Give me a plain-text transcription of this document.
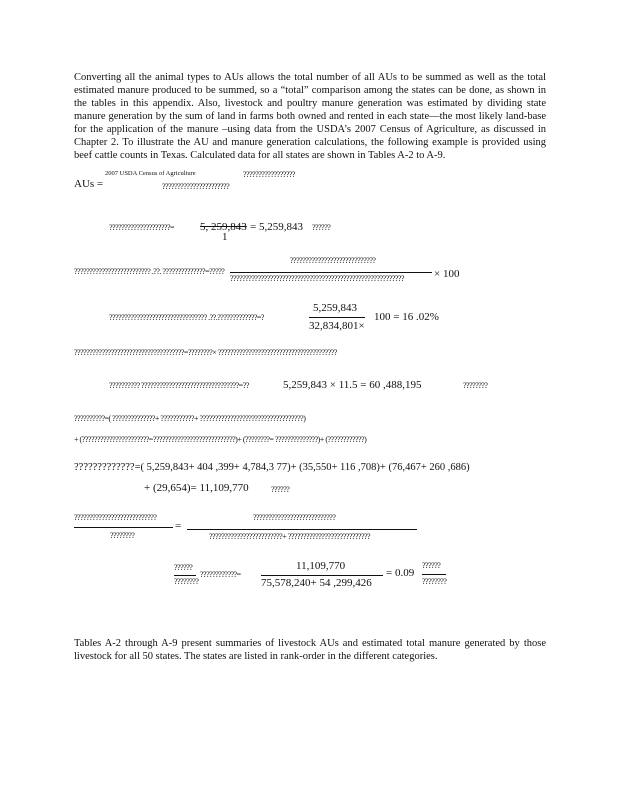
Converting all the animal types to AUs allows the total number of all AUs to be summed as well as the total estimated manure produced to be summed, so a “total” comparison among the states can be done, as shown in the tables in this appendix. Also, livestock and poultry manure generation was estimated by dividing state manure generation by the sum of land in farms both owned and rented in each state—the most likely land-base for the application of the manure –using data from the USDA’s 2007 Census of Agriculture, as discussed in Chapter 2. To illustrate the AU and manure generation calculations, the following example is provided using beef cattle counts in Texas. Calculated data for all states are shown in Tables A-2 to A-9.
AUs =
2007 USDA Census of Agriculture	?????????????????
??????????????????????
????????????????????= 5, 259,843
1
= 5,259,843 ??????
????????????????????????? .??. ??????????????=?????
????????????????????????????
?????????????????????????????????????????????????????????	× 100
???????????????????????????????? .??.?????????????=?
5,259,843
32,834,801×
100 = 16 .02%
????????????????????????????????????=????????× ???????????????????????????????????????
?????????? ????????????????????????????????=??	5,259,843 × 11.5 = 60 ,488,195	????????
??????????=( ??????????????+ ???????????+ ??????????????????????????????????)
+ (??????????????????????=???????????????????????????)+ (????????= ??????????????)+ (????????????)
?????????????=( 5,259,843+ 404 ,399+ 4,784,3 77)+ (35,550+ 116 ,708)+ (76,467+ 260 ,686)
+ (29,654)= 11,109,770	??????
???????????????????????????
????????
=
???????????????????????????
????????????????????????+ ???????????????????????????
??????
????????
????????????=
11,109,770
75,578,240+ 54 ,299,426
= 0.09
??????
????????
Tables A-2 through A-9 present summaries of livestock AUs and estimated total manure generated by those livestock for all 50 states. The states are listed in rank-order in the different categories.
